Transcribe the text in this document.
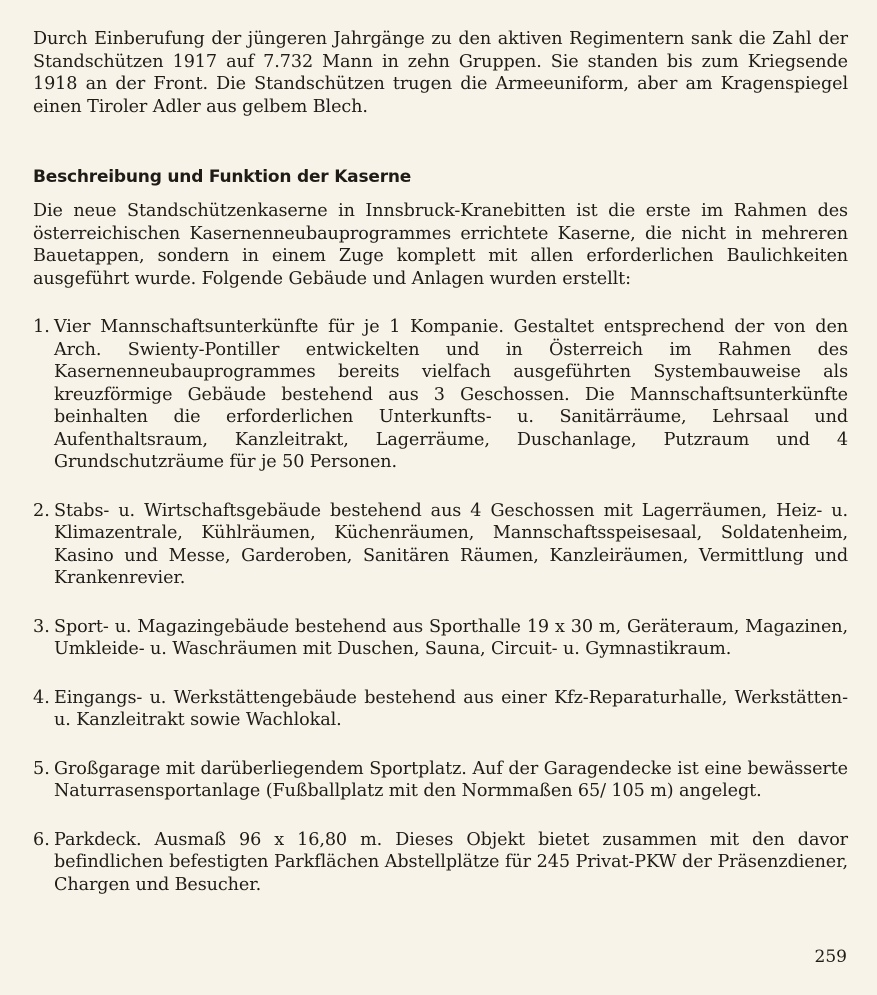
Durch Einberufung der jüngeren Jahrgänge zu den aktiven Regimentern sank die Zahl der Standschützen 1917 auf 7.732 Mann in zehn Gruppen. Sie standen bis zum Kriegsende 1918 an der Front. Die Standschützen trugen die Armeeuniform, aber am Kragenspiegel einen Tiroler Adler aus gelbem Blech.

Beschreibung und Funktion der Kaserne

Die neue Standschützenkaserne in Innsbruck-Kranebitten ist die erste im Rahmen des österreichischen Kasernenneubauprogrammes errichtete Kaserne, die nicht in mehreren Bauetappen, sondern in einem Zuge komplett mit allen erforderlichen Baulichkeiten ausgeführt wurde. Folgende Gebäude und Anlagen wurden erstellt:

1. Vier Mannschaftsunterkünfte für je 1 Kompanie. Gestaltet entsprechend der von den Arch. Swienty-Pontiller entwickelten und in Österreich im Rahmen des Kasernenneubauprogrammes bereits vielfach ausgeführten Systembauweise als kreuzförmige Gebäude bestehend aus 3 Geschossen. Die Mannschaftsunterkünfte beinhalten die erforderlichen Unterkunfts- u. Sanitärräume, Lehrsaal und Aufenthaltsraum, Kanzleitrakt, Lagerräume, Duschanlage, Putzraum und 4 Grundschutzräume für je 50 Personen.
2. Stabs- u. Wirtschaftsgebäude bestehend aus 4 Geschossen mit Lagerräumen, Heiz- u. Klimazentrale, Kühlräumen, Küchenräumen, Mannschaftsspeisesaal, Soldatenheim, Kasino und Messe, Garderoben, Sanitären Räumen, Kanzleiräumen, Vermittlung und Krankenrevier.
3. Sport- u. Magazingebäude bestehend aus Sporthalle 19 x 30 m, Geräteraum, Magazinen, Umkleide- u. Waschräumen mit Duschen, Sauna, Circuit- u. Gymnastikraum.
4. Eingangs- u. Werkstättengebäude bestehend aus einer Kfz-Reparaturhalle, Werkstätten- u. Kanzleitrakt sowie Wachlokal.
5. Großgarage mit darüberliegendem Sportplatz. Auf der Garagendecke ist eine bewässerte Naturrasensportanlage (Fußballplatz mit den Normmaßen 65/ 105 m) angelegt.
6. Parkdeck. Ausmaß 96 x 16,80 m. Dieses Objekt bietet zusammen mit den davor befindlichen befestigten Parkflächen Abstellplätze für 245 Privat-PKW der Präsenzdiener, Chargen und Besucher.
259
